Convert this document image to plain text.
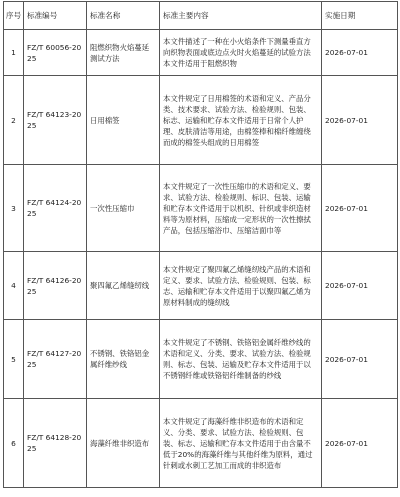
序号	标准编号	标准名称	标准主要内容	实施日期
1	FZ/T 60056-2025	阻燃织物火焰蔓延测试方法	本文件描述了一种在小火焰条件下测量垂直方向织物表面或底边点火时火焰蔓延的试验方法本文件适用于阻燃织物	2026-07-01
2	FZ/T 64123-2025	日用棉签	本文件规定了日用棉签的术语和定义、产品分类、技术要求、试验方法、检验规则、包装、标志、运输和贮存本文件适用于日常个人护理、皮肤清洁等用途，由棉签棒和棉纤维缠绕而成的棉签头组成的日用棉签	2026-07-01
3	FZ/T 64124-2025	一次性压缩巾	本文件规定了一次性压缩巾的术语和定义、要求、试验方法、检验规则、标识、包装、运输和贮存本文件适用于以机织、针织或非织造材料等为原材料，压缩成一定形状的一次性擦拭产品，包括压缩浴巾、压缩洁面巾等	2026-07-01
4	FZ/T 64126-2025	聚四氟乙烯缝纫线	本文件规定了聚四氟乙烯缝纫线产品的术语和定义、要求、试验方法、检验规则、包装、标志、运输和贮存本文件适用于以聚四氟乙烯为原材料制成的缝纫线	2026-07-01
5	FZ/T 64127-2025	不锈钢、铁铬铝金属纤维纱线	本文件规定了不锈钢、铁铬铝金属纤维纱线的术语和定义、分类、要求、试验方法、检验规则、标志、包装、运输及贮存本文件适用于以不锈钢纤维或铁铬铝纤维制备的纱线	2026-07-01
6	FZ/T 64128-2025	海藻纤维非织造布	本文件规定了海藻纤维非织造布的术语和定义、分类、要求、试验方法、检验规则、包装、标志、运输和贮存本文件适用于由含量不低于20%的海藻纤维与其他纤维为原料，通过针刺或水刺工艺加工而成的非织造布	2026-07-01
